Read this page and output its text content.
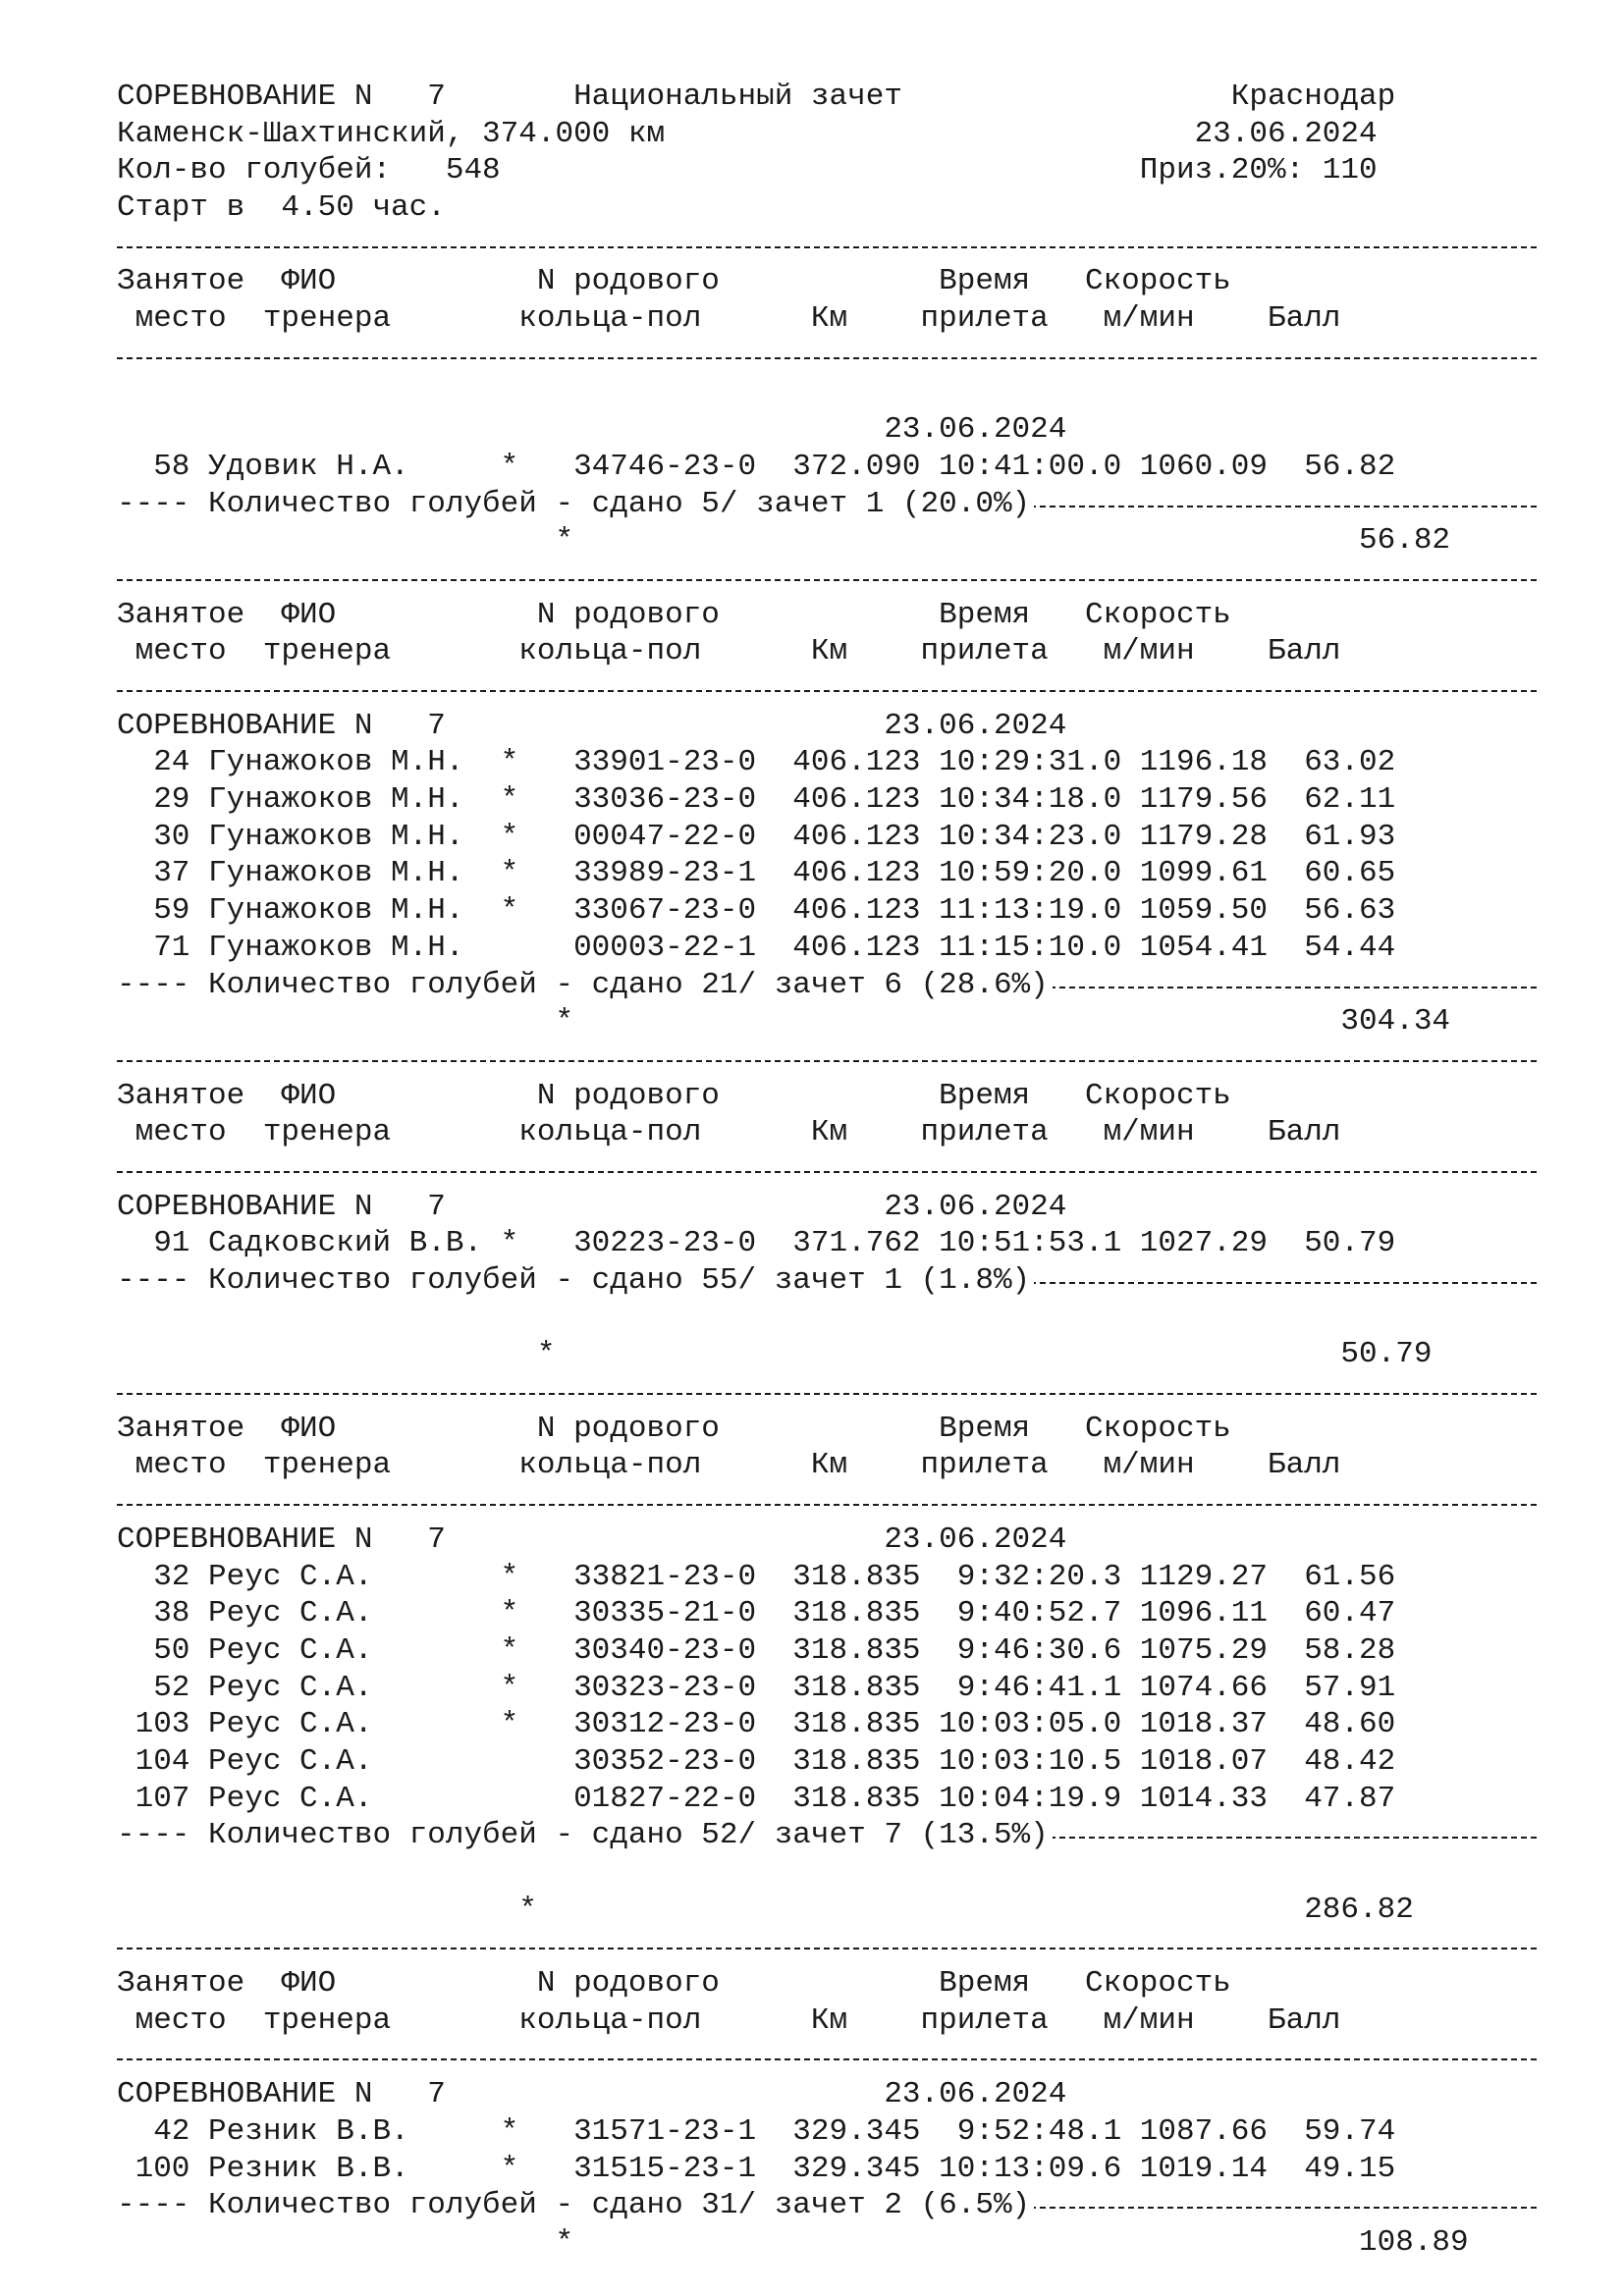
СОРЕВНОВАНИЕ N   7       Национальный зачет                  Краснодар
Каменск-Шахтинский, 374.000 км                             23.06.2024
Кол-во голубей:   548                                   Приз.20%: 110
Старт в  4.50 час.
Занятое  ФИО           N родового            Время   Скорость
место  тренера       кольца-пол      Км    прилета   м/мин    Балл
23.06.2024
58 Удовик Н.А.     *   34746-23-0  372.090 10:41:00.0 1060.09  56.82
---- Количество голубей - сдано 5/ зачет 1 (20.0%)
*                                           56.82
Занятое  ФИО           N родового            Время   Скорость
место  тренера       кольца-пол      Км    прилета   м/мин    Балл
СОРЕВНОВАНИЕ N   7                        23.06.2024
24 Гунажоков М.Н.  *   33901-23-0  406.123 10:29:31.0 1196.18  63.02
29 Гунажоков М.Н.  *   33036-23-0  406.123 10:34:18.0 1179.56  62.11
30 Гунажоков М.Н.  *   00047-22-0  406.123 10:34:23.0 1179.28  61.93
37 Гунажоков М.Н.  *   33989-23-1  406.123 10:59:20.0 1099.61  60.65
59 Гунажоков М.Н.  *   33067-23-0  406.123 11:13:19.0 1059.50  56.63
71 Гунажоков М.Н.      00003-22-1  406.123 11:15:10.0 1054.41  54.44
---- Количество голубей - сдано 21/ зачет 6 (28.6%)
*                                          304.34
Занятое  ФИО           N родового            Время   Скорость
место  тренера       кольца-пол      Км    прилета   м/мин    Балл
СОРЕВНОВАНИЕ N   7                        23.06.2024
91 Садковский В.В. *   30223-23-0  371.762 10:51:53.1 1027.29  50.79
---- Количество голубей - сдано 55/ зачет 1 (1.8%)
*                                           50.79
Занятое  ФИО           N родового            Время   Скорость
место  тренера       кольца-пол      Км    прилета   м/мин    Балл
СОРЕВНОВАНИЕ N   7                        23.06.2024
32 Реус С.А.       *   33821-23-0  318.835  9:32:20.3 1129.27  61.56
38 Реус С.А.       *   30335-21-0  318.835  9:40:52.7 1096.11  60.47
50 Реус С.А.       *   30340-23-0  318.835  9:46:30.6 1075.29  58.28
52 Реус С.А.       *   30323-23-0  318.835  9:46:41.1 1074.66  57.91
103 Реус С.А.       *   30312-23-0  318.835 10:03:05.0 1018.37  48.60
104 Реус С.А.           30352-23-0  318.835 10:03:10.5 1018.07  48.42
107 Реус С.А.           01827-22-0  318.835 10:04:19.9 1014.33  47.87
---- Количество голубей - сдано 52/ зачет 7 (13.5%)
*                                          286.82
Занятое  ФИО           N родового            Время   Скорость
место  тренера       кольца-пол      Км    прилета   м/мин    Балл
СОРЕВНОВАНИЕ N   7                        23.06.2024
42 Резник В.В.     *   31571-23-1  329.345  9:52:48.1 1087.66  59.74
100 Резник В.В.     *   31515-23-1  329.345 10:13:09.6 1019.14  49.15
---- Количество голубей - сдано 31/ зачет 2 (6.5%)
*                                           108.89
